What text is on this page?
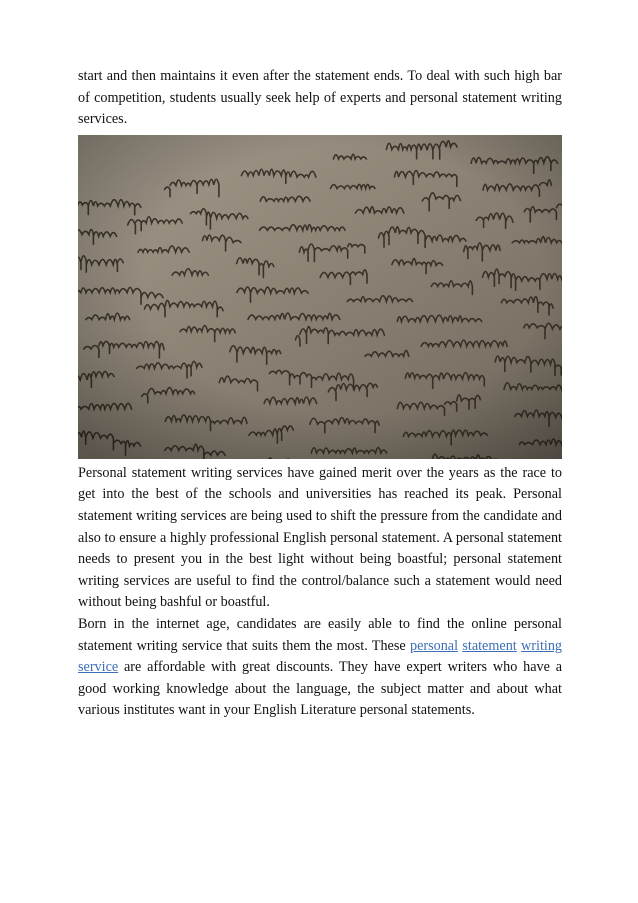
start and then maintains it even after the statement ends. To deal with such high bar of competition, students usually seek help of experts and personal statement writing services.

Personal statement writing services have gained merit over the years as the race to get into the best of the schools and universities has reached its peak. Personal statement writing services are being used to shift the pressure from the candidate and also to ensure a highly professional English personal statement. A personal statement needs to present you in the best light without being boastful; personal statement writing services are useful to find the control/balance such a statement would need without being bashful or boastful.

Born in the internet age, candidates are easily able to find the online personal statement writing service that suits them the most. These personal statement writing service are affordable with great discounts. They have expert writers who have a good working knowledge about the language, the subject matter and about what various institutes want in your English Literature personal statements.
